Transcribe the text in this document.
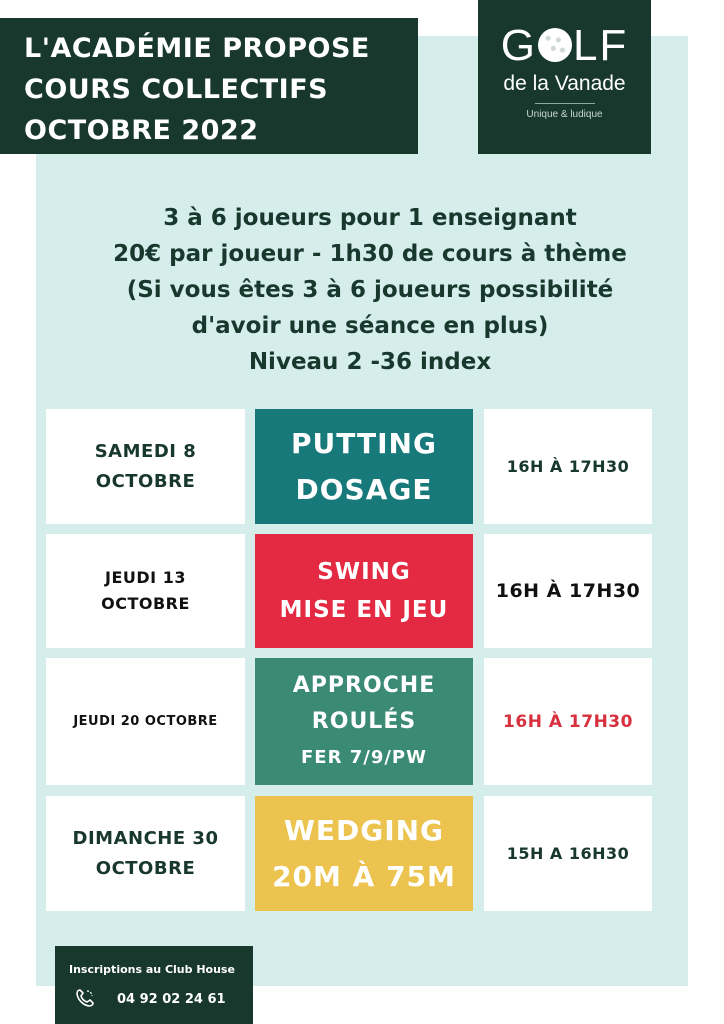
L'ACADÉMIE PROPOSE
COURS COLLECTIFS
OCTOBRE 2022
G LF
de la Vanade
Unique & ludique
3 à 6 joueurs pour 1 enseignant
20€ par joueur - 1h30 de cours à thème
(Si vous êtes 3 à 6 joueurs possibilité
d'avoir une séance en plus)
Niveau 2 -36 index
SAMEDI 8
OCTOBRE
PUTTING
DOSAGE
16H À 17H30
JEUDI 13
OCTOBRE
SWING
MISE EN JEU
16H À 17H30
JEUDI 20 OCTOBRE
APPROCHE
ROULÉS
FER 7/9/PW
16H À 17H30
DIMANCHE 30
OCTOBRE
WEDGING
20M À 75M
15H A 16H30
Inscriptions au Club House
04 92 02 24 61
